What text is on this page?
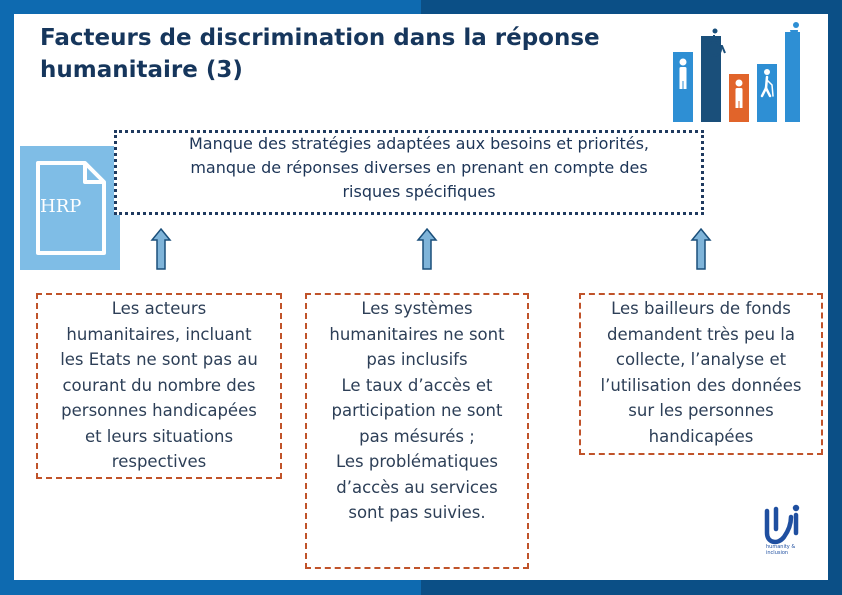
Facteurs de discrimination dans la réponse
humanitaire (3)
HRP
Manque des stratégies adaptées aux besoins et priorités,
manque de réponses diverses en prenant en compte des
risques spécifiques
Les acteurs
humanitaires, incluant
les Etats ne sont pas au
courant du nombre des
personnes handicapées
et leurs situations
respectives
Les systèmes
humanitaires ne sont
pas inclusifs
Le taux d’accès et
participation ne sont
pas mésurés ;
Les problématiques
d’accès au services
sont pas suivies.
Les bailleurs de fonds
demandent très peu la
collecte, l’analyse et
l’utilisation des données
sur les personnes
handicapées
humanity & inclusion
